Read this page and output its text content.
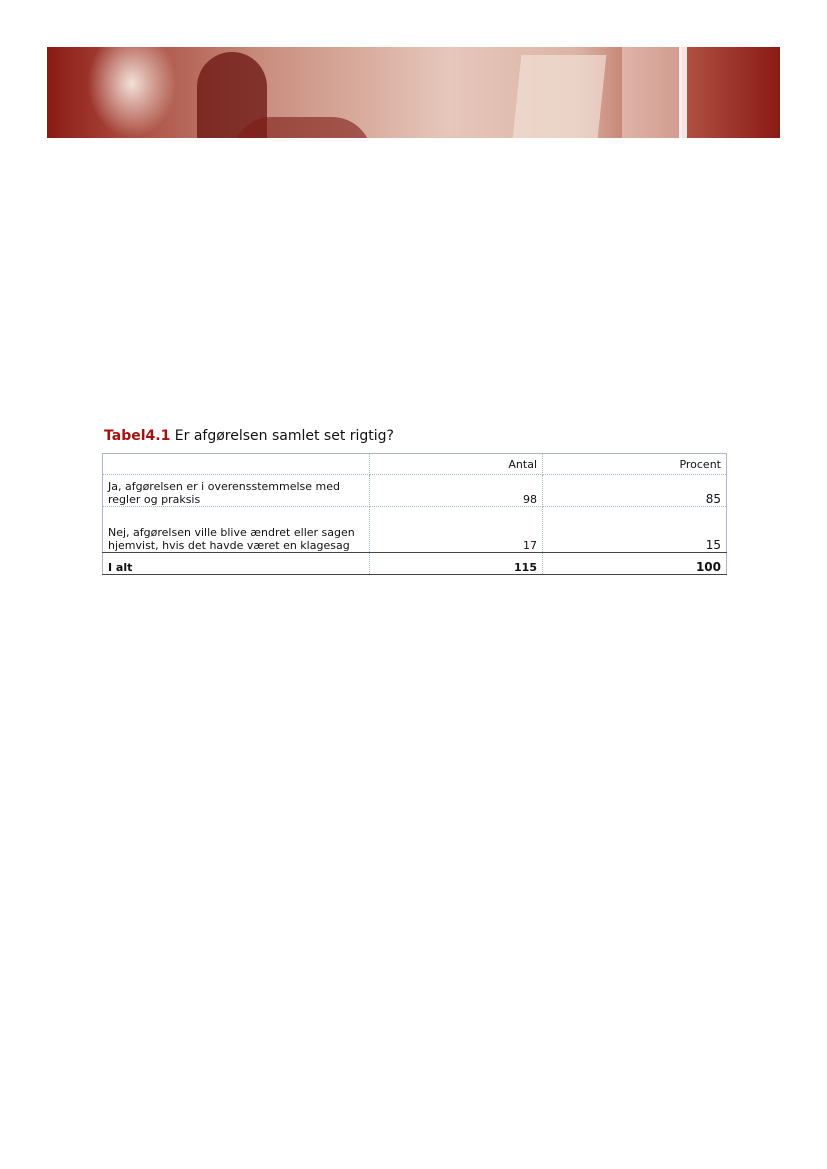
Tabel4.1 Er afgørelsen samlet set rigtig?
	Antal	Procent
Ja, afgørelsen er i overensstemmelse med regler og praksis	98	85
Nej, afgørelsen ville blive ændret eller sagen hjemvist, hvis det havde været en klagesag	17	15
I alt	115	100
